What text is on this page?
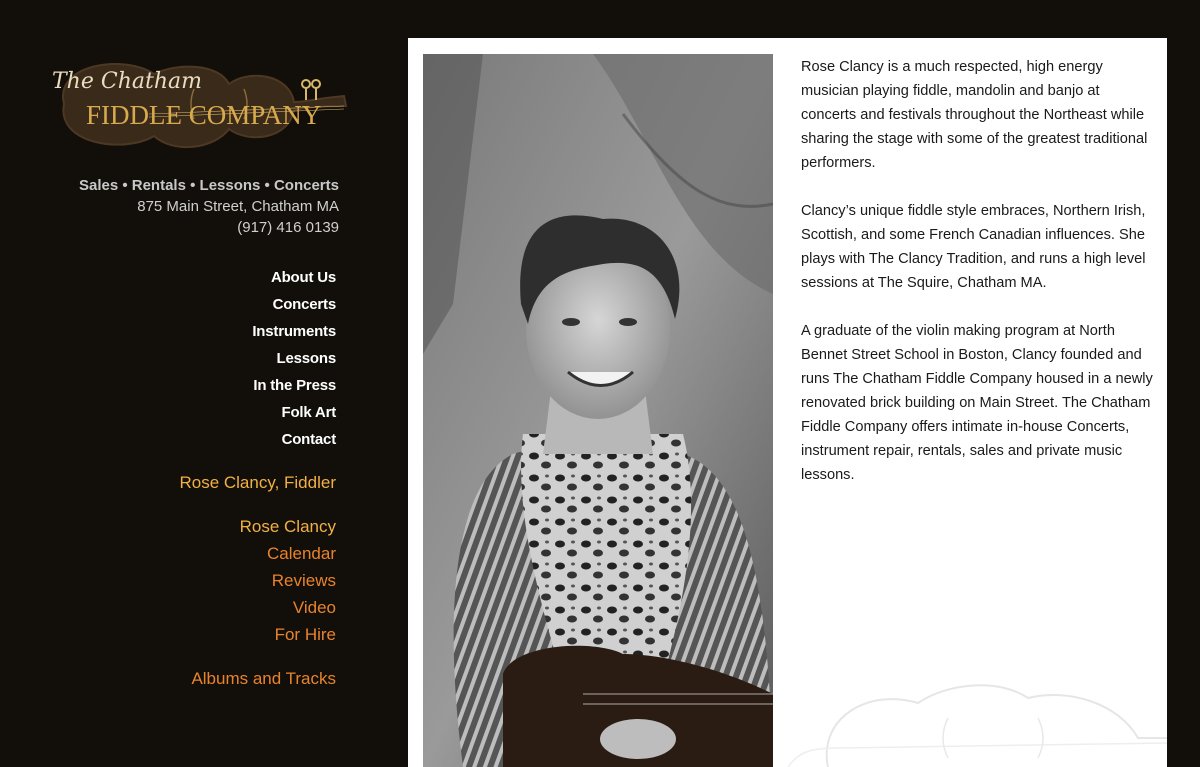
The Chatham
FIDDLE COMPANY
Sales • Rentals • Lessons • Concerts
875 Main Street, Chatham MA
(917) 416 0139
About Us
Concerts
Instruments
Lessons
In the Press
Folk Art
Contact
Rose Clancy, Fiddler
Rose Clancy
Calendar
Reviews
Video
For Hire
Albums and Tracks

Rose Clancy is a much respected, high energy musician playing fiddle, mandolin and banjo at concerts and festivals throughout the Northeast while sharing the stage with some of the greatest traditional performers.

Clancy’s unique fiddle style embraces, Northern Irish, Scottish, and some French Canadian influences. She plays with The Clancy Tradition, and runs a high level sessions at The Squire, Chatham MA.

A graduate of the violin making program at North Bennet Street School in Boston, Clancy founded and runs The Chatham Fiddle Company housed in a newly renovated brick building on Main Street. The Chatham Fiddle Company offers intimate in-house Concerts, instrument repair, rentals, sales and private music lessons.
